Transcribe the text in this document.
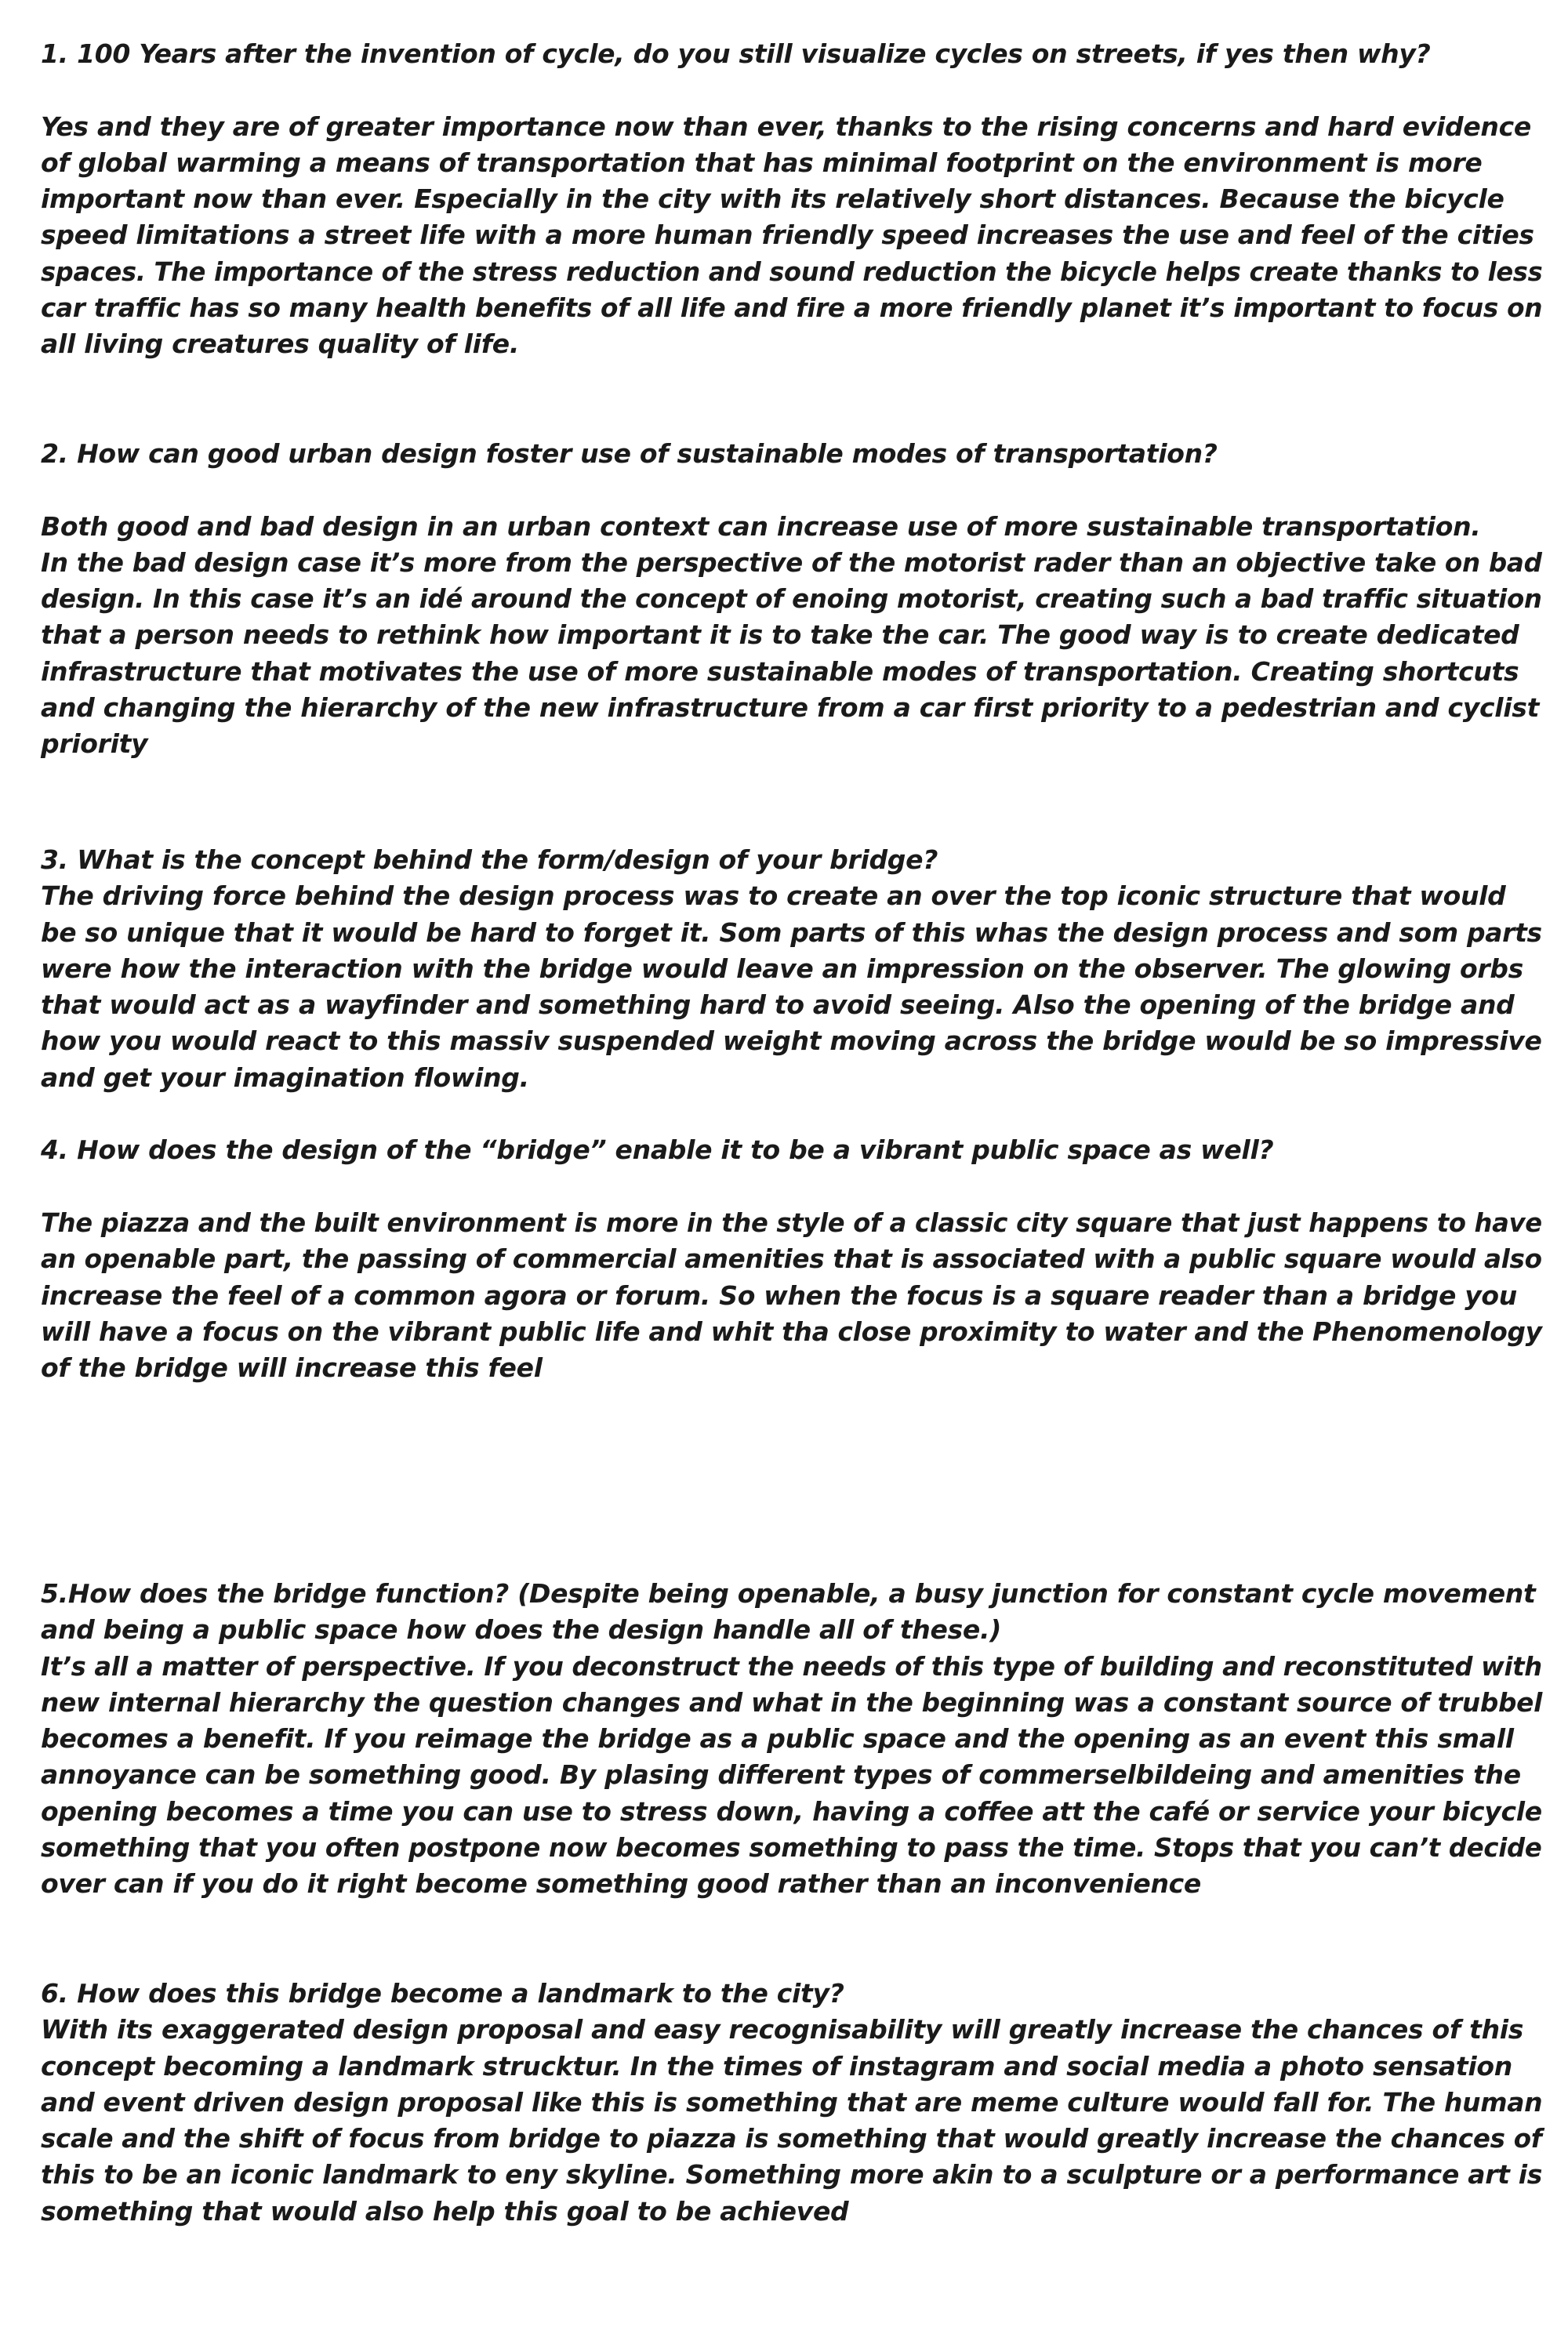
1. 100 Years after the invention of cycle, do you still visualize cycles on streets, if yes then why?
Yes and they are of greater importance now than ever, thanks to the rising concerns and hard evidence
of global warming a means of transportation that has minimal footprint on the environment is more
important now than ever. Especially in the city with its relatively short distances. Because the bicycle
speed limitations a street life with a more human friendly speed increases the use and feel of the cities
spaces. The importance of the stress reduction and sound reduction the bicycle helps create thanks to less
car traffic has so many health benefits of all life and fire a more friendly planet it’s important to focus on
all living creatures quality of life.
2. How can good urban design foster use of sustainable modes of transportation?
Both good and bad design in an urban context can increase use of more sustainable transportation.
In the bad design case it’s more from the perspective of the motorist rader than an objective take on bad
design. In this case it’s an idé around the concept of enoing motorist, creating such a bad traffic situation
that a person needs to rethink how important it is to take the car. The good way is to create dedicated
infrastructure that motivates the use of more sustainable modes of transportation. Creating shortcuts
and changing the hierarchy of the new infrastructure from a car first priority to a pedestrian and cyclist
priority
3. What is the concept behind the form/design of your bridge?
The driving force behind the design process was to create an over the top iconic structure that would
be so unique that it would be hard to forget it. Som parts of this whas the design process and som parts
were how the interaction with the bridge would leave an impression on the observer. The glowing orbs
that would act as a wayfinder and something hard to avoid seeing. Also the opening of the bridge and
how you would react to this massiv suspended weight moving across the bridge would be so impressive
and get your imagination flowing.
4. How does the design of the “bridge” enable it to be a vibrant public space as well?
The piazza and the built environment is more in the style of a classic city square that just happens to have
an openable part, the passing of commercial amenities that is associated with a public square would also
increase the feel of a common agora or forum. So when the focus is a square reader than a bridge you
will have a focus on the vibrant public life and whit tha close proximity to water and the Phenomenology
of the bridge will increase this feel
5.How does the bridge function? (Despite being openable, a busy junction for constant cycle movement
and being a public space how does the design handle all of these.)
It’s all a matter of perspective. If you deconstruct the needs of this type of building and reconstituted with
new internal hierarchy the question changes and what in the beginning was a constant source of trubbel
becomes a benefit. If you reimage the bridge as a public space and the opening as an event this small
annoyance can be something good. By plasing different types of commerselbildeing and amenities the
opening becomes a time you can use to stress down, having a coffee att the café or service your bicycle
something that you often postpone now becomes something to pass the time. Stops that you can’t decide
over can if you do it right become something good rather than an inconvenience
6. How does this bridge become a landmark to the city?
With its exaggerated design proposal and easy recognisability will greatly increase the chances of this
concept becoming a landmark strucktur. In the times of instagram and social media a photo sensation
and event driven design proposal like this is something that are meme culture would fall for. The human
scale and the shift of focus from bridge to piazza is something that would greatly increase the chances of
this to be an iconic landmark to eny skyline. Something more akin to a sculpture or a performance art is
something that would also help this goal to be achieved
